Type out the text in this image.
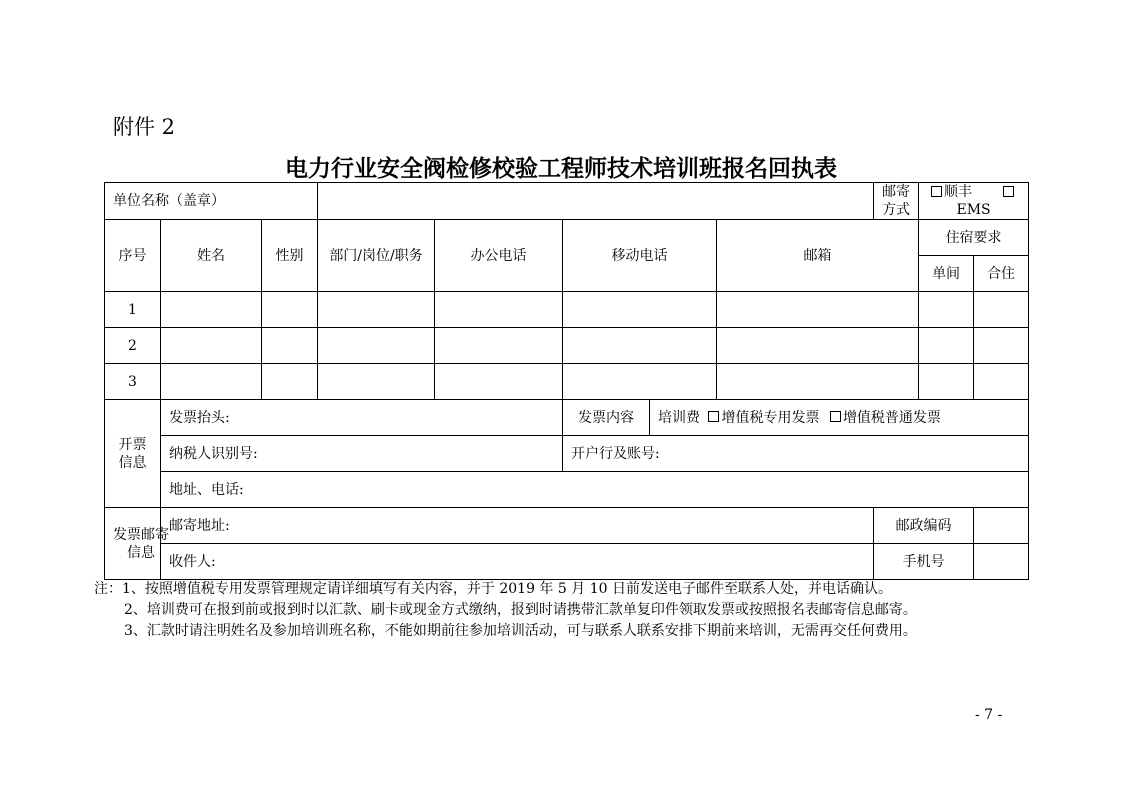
附件 2
电力行业安全阀检修校验工程师技术培训班报名回执表
单位名称（盖章）								邮寄方式	顺丰       EMS	
序号	姓名	性别	部门/岗位/职务	办公电话	移动电话		邮箱		住宿要求	
									单间	合住
1										
2										
3										
开票信息	发票抬头:				发票内容	培训费 增值税专用发票 增值税普通发票				
	纳税人识别号:				开户行及账号:					
	地址、电话:									
发票邮寄信息	邮寄地址:							邮政编码		
	收件人:							手机号		
注：1、按照增值税专用发票管理规定请详细填写有关内容，并于 2019 年 5 月 10 日前发送电子邮件至联系人处，并电话确认。
2、培训费可在报到前或报到时以汇款、刷卡或现金方式缴纳，报到时请携带汇款单复印件领取发票或按照报名表邮寄信息邮寄。
3、汇款时请注明姓名及参加培训班名称，不能如期前往参加培训活动，可与联系人联系安排下期前来培训，无需再交任何费用。
- 7 -
